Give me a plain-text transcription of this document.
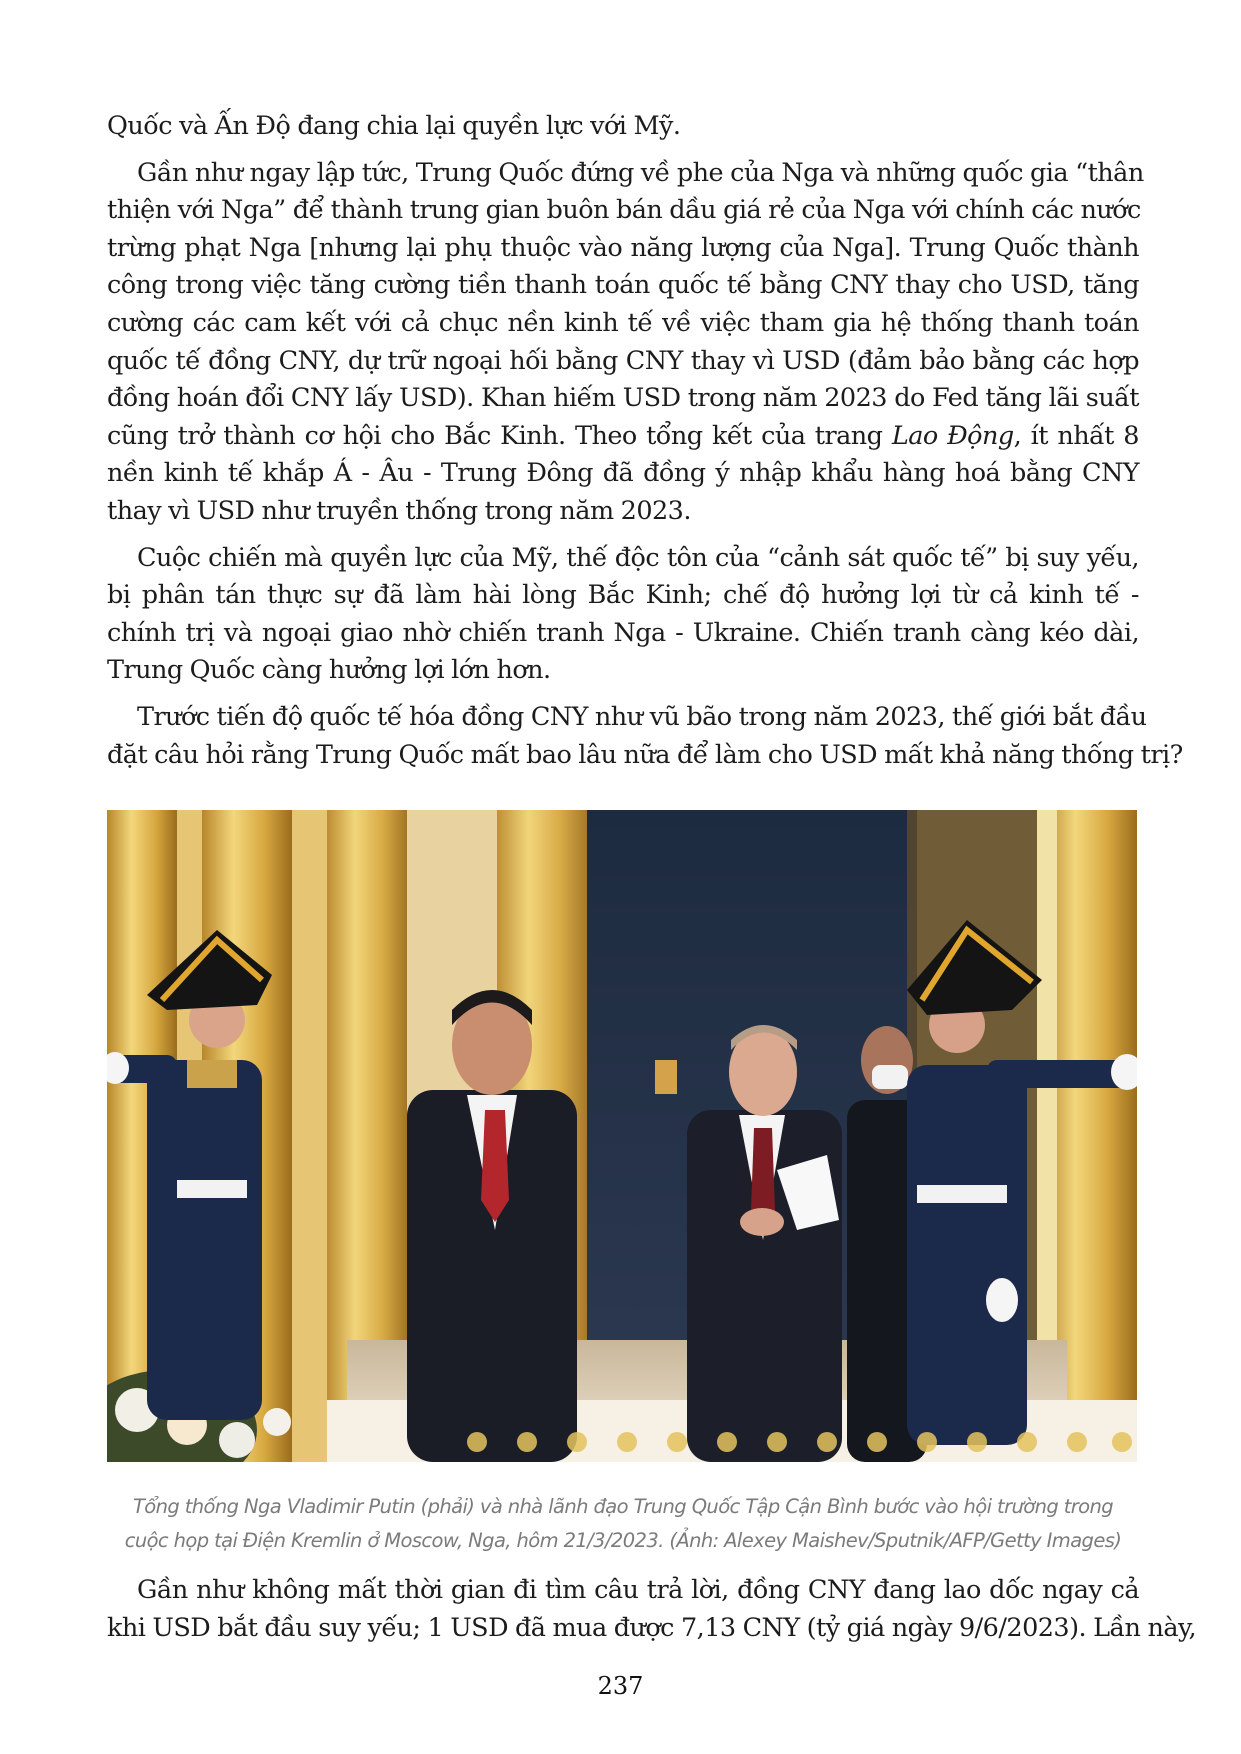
Quốc và Ấn Độ đang chia lại quyền lực với Mỹ.
Gần như ngay lập tức, Trung Quốc đứng về phe của Nga và những quốc gia “thân
thiện với Nga” để thành trung gian buôn bán dầu giá rẻ của Nga với chính các nước
trừng phạt Nga [nhưng lại phụ thuộc vào năng lượng của Nga]. Trung Quốc thành
công trong việc tăng cường tiền thanh toán quốc tế bằng CNY thay cho USD, tăng
cường các cam kết với cả chục nền kinh tế về việc tham gia hệ thống thanh toán
quốc tế đồng CNY, dự trữ ngoại hối bằng CNY thay vì USD (đảm bảo bằng các hợp
đồng hoán đổi CNY lấy USD). Khan hiếm USD trong năm 2023 do Fed tăng lãi suất
cũng trở thành cơ hội cho Bắc Kinh. Theo tổng kết của trang Lao Động, ít nhất 8
nền kinh tế khắp Á - Âu - Trung Đông đã đồng ý nhập khẩu hàng hoá bằng CNY
thay vì USD như truyền thống trong năm 2023.
Cuộc chiến mà quyền lực của Mỹ, thế độc tôn của “cảnh sát quốc tế” bị suy yếu,
bị phân tán thực sự đã làm hài lòng Bắc Kinh; chế độ hưởng lợi từ cả kinh tế -
chính trị và ngoại giao nhờ chiến tranh Nga - Ukraine. Chiến tranh càng kéo dài,
Trung Quốc càng hưởng lợi lớn hơn.
Trước tiến độ quốc tế hóa đồng CNY như vũ bão trong năm 2023, thế giới bắt đầu
đặt câu hỏi rằng Trung Quốc mất bao lâu nữa để làm cho USD mất khả năng thống trị?
Tổng thống Nga Vladimir Putin (phải) và nhà lãnh đạo Trung Quốc Tập Cận Bình bước vào hội trường trong
cuộc họp tại Điện Kremlin ở Moscow, Nga, hôm 21/3/2023. (Ảnh: Alexey Maishev/Sputnik/AFP/Getty Images)
Gần như không mất thời gian đi tìm câu trả lời, đồng CNY đang lao dốc ngay cả
khi USD bắt đầu suy yếu; 1 USD đã mua được 7,13 CNY (tỷ giá ngày 9/6/2023). Lần này,
237
